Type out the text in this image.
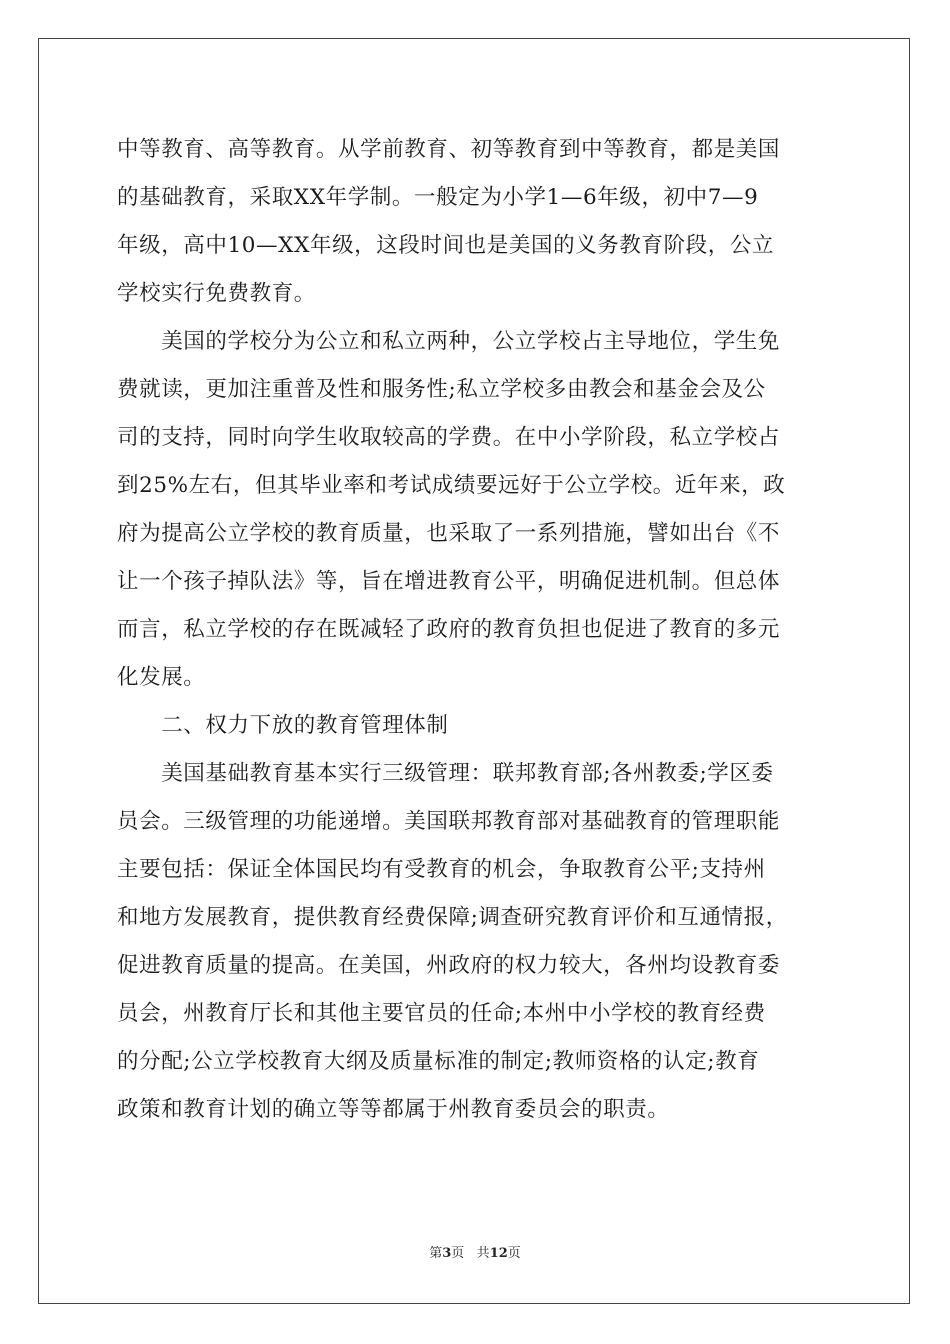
中等教育、高等教育。从学前教育、初等教育到中等教育，都是美国

的基础教育，采取XX年学制。一般定为小学1—6年级，初中7—9

年级，高中10—XX年级，这段时间也是美国的义务教育阶段，公立

学校实行免费教育。

　　美国的学校分为公立和私立两种，公立学校占主导地位，学生免

费就读，更加注重普及性和服务性;私立学校多由教会和基金会及公

司的支持，同时向学生收取较高的学费。在中小学阶段，私立学校占

到25%左右，但其毕业率和考试成绩要远好于公立学校。近年来，政

府为提高公立学校的教育质量，也采取了一系列措施，譬如出台《不

让一个孩子掉队法》等，旨在增进教育公平，明确促进机制。但总体

而言，私立学校的存在既减轻了政府的教育负担也促进了教育的多元

化发展。

　　二、权力下放的教育管理体制

　　美国基础教育基本实行三级管理：联邦教育部;各州教委;学区委

员会。三级管理的功能递增。美国联邦教育部对基础教育的管理职能

主要包括：保证全体国民均有受教育的机会，争取教育公平;支持州

和地方发展教育，提供教育经费保障;调查研究教育评价和互通情报，

促进教育质量的提高。在美国，州政府的权力较大，各州均设教育委

员会，州教育厅长和其他主要官员的任命;本州中小学校的教育经费

的分配;公立学校教育大纲及质量标准的制定;教师资格的认定;教育

政策和教育计划的确立等等都属于州教育委员会的职责。

第3页 共12页
